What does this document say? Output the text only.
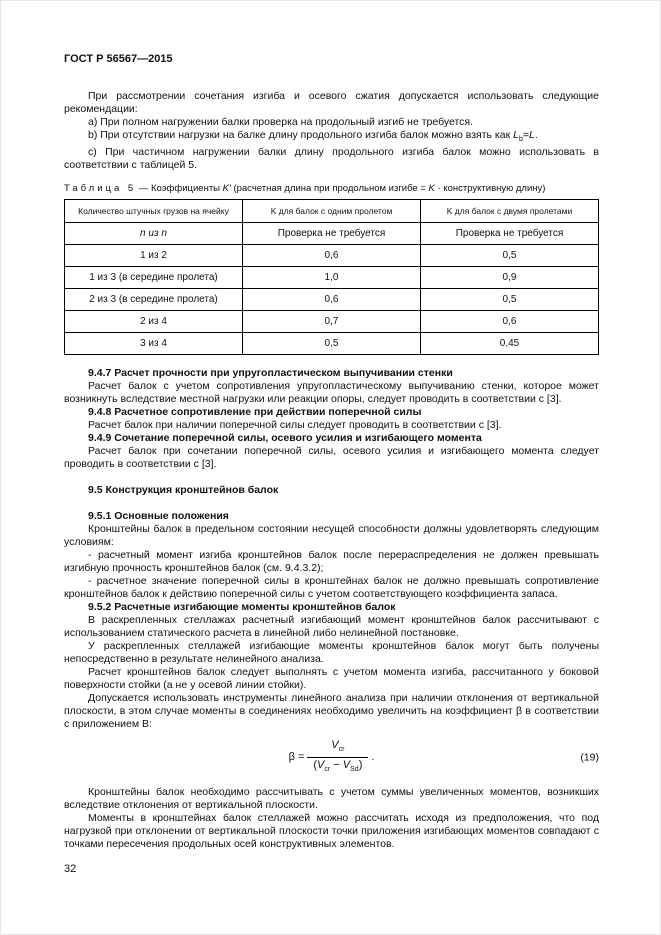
ГОСТ Р 56567—2015

При рассмотрении сочетания изгиба и осевого сжатия допускается использовать следующие рекомендации:

a) При полном нагружении балки проверка на продольный изгиб не требуется.

b) При отсутствии нагрузки на балке длину продольного изгиба балок можно взять как $L_b=L$.

c) При частичном нагружении балки длину продольного изгиба балок можно использовать в соответствии с таблицей 5.

Таблица 5 — Коэффициенты K' (расчетная длина при продольном изгибе = K · конструктивную длину)

Количество штучных грузов на ячейку	K для балок с одним пролетом	K для балок с двумя пролетами
n из n	Проверка не требуется	Проверка не требуется
1 из 2	0,6	0,5
1 из 3 (в середине пролета)	1,0	0,9
2 из 3 (в середине пролета)	0,6	0,5
2 из 4	0,7	0,6
3 из 4	0,5	0,45
9.4.7 Расчет прочности при упругопластическом выпучивании стенки

Расчет балок с учетом сопротивления упругопластическому выпучиванию стенки, которое может возникнуть вследствие местной нагрузки или реакции опоры, следует проводить в соответствии с [3].

9.4.8 Расчетное сопротивление при действии поперечной силы

Расчет балок при наличии поперечной силы следует проводить в соответствии с [3].

9.4.9 Сочетание поперечной силы, осевого усилия и изгибающего момента

Расчет балок при сочетании поперечной силы, осевого усилия и изгибающего момента следует проводить в соответствии с [3].

9.5 Конструкция кронштейнов балок
9.5.1 Основные положения

Кронштейны балок в предельном состоянии несущей способности должны удовлетворять следующим условиям:

- расчетный момент изгиба кронштейнов балок после перераспределения не должен превышать изгибную прочность кронштейнов балок (см. 9.4.3.2);

- расчетное значение поперечной силы в кронштейнах балок не должно превышать сопротивление кронштейнов балок к действию поперечной силы с учетом соответствующего коэффициента запаса.

9.5.2 Расчетные изгибающие моменты кронштейнов балок

В раскрепленных стеллажах расчетный изгибающий момент кронштейнов балок рассчитывают с использованием статического расчета в линейной либо нелинейной постановке.

У раскрепленных стеллажей изгибающие моменты кронштейнов балок могут быть получены непосредственно в результате нелинейного анализа.

Расчет кронштейнов балок следует выполнять с учетом момента изгиба, рассчитанного у боковой поверхности стойки (а не у осевой линии стойки).

Допускается использовать инструменты линейного анализа при наличии отклонения от вертикальной плоскости, в этом случае моменты в соединениях необходимо увеличить на коэффициент β в соответствии с приложением В:

$\beta = \frac{V_{cr}}{(V_{cr} - V_{Sd})}$ .	(19)

Кронштейны балок необходимо рассчитывать с учетом суммы увеличенных моментов, возникших вследствие отклонения от вертикальной плоскости.

Моменты в кронштейнах балок стеллажей можно рассчитать исходя из предположения, что под нагрузкой при отклонении от вертикальной плоскости точки приложения изгибающих моментов совпадают с точками пересечения продольных осей конструктивных элементов.

32
